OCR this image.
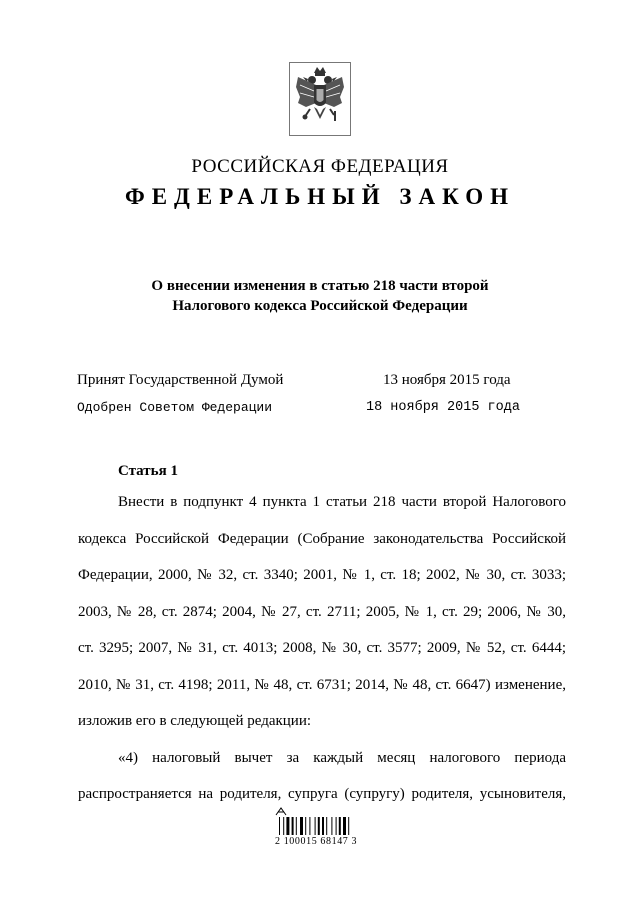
РОССИЙСКАЯ ФЕДЕРАЦИЯ
ФЕДЕРАЛЬНЫЙ ЗАКОН
О внесении изменения в статью 218 части второй
Налогового кодекса Российской Федерации
Принят Государственной Думой	13 ноября 2015 года
Одобрен Советом Федерации	18 ноября 2015 года
Статья 1
Внести в подпункт 4 пункта 1 статьи 218 части второй Налогового
кодекса Российской Федерации (Собрание законодательства Российской
Федерации, 2000, № 32, ст. 3340; 2001, № 1, ст. 18; 2002, № 30, ст. 3033;
2003, № 28, ст. 2874; 2004, № 27, ст. 2711; 2005, № 1, ст. 29; 2006, № 30,
ст. 3295; 2007, № 31, ст. 4013; 2008, № 30, ст. 3577; 2009, № 52, ст. 6444;
2010, № 31, ст. 4198; 2011, № 48, ст. 6731; 2014, № 48, ст. 6647) изменение,
изложив его в следующей редакции:
«4) налоговый вычет за каждый месяц налогового периода
распространяется на родителя, супруга (супругу) родителя, усыновителя,
2 100015 68147 3
